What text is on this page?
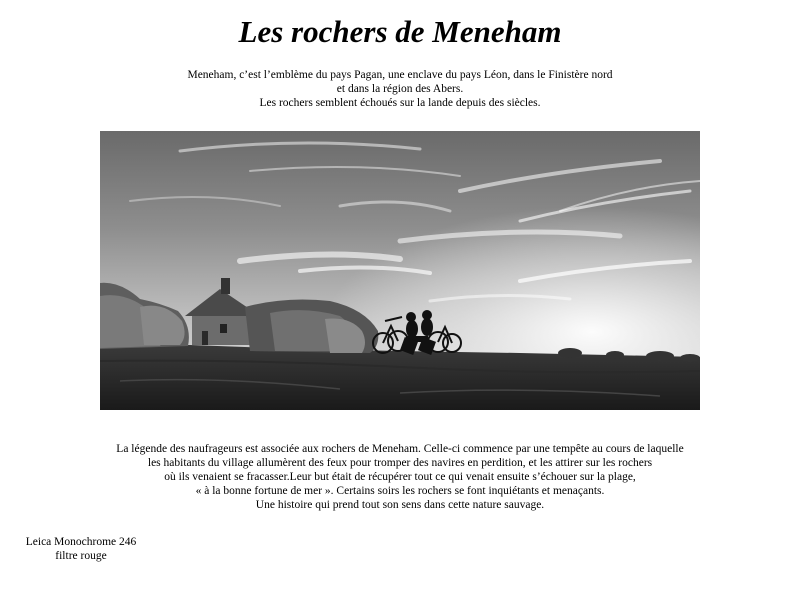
Les rochers de Meneham
Meneham, c’est l’emblème du pays Pagan, une enclave du pays Léon, dans le Finistère nord
et dans la région des Abers.
Les rochers semblent échoués sur la lande depuis des siècles.
La légende des naufrageurs est associée aux rochers de Meneham. Celle-ci commence par une tempête au cours de laquelle
les habitants du village allumèrent des feux pour tromper des navires en perdition, et les attirer sur les rochers
où ils venaient se fracasser.Leur but était de récupérer tout ce qui venait ensuite s’échouer sur la plage,
« à la bonne fortune de mer ». Certains soirs les rochers se font inquiétants et menaçants.
Une histoire qui prend tout son sens dans cette nature sauvage.
Leica Monochrome 246
filtre rouge
